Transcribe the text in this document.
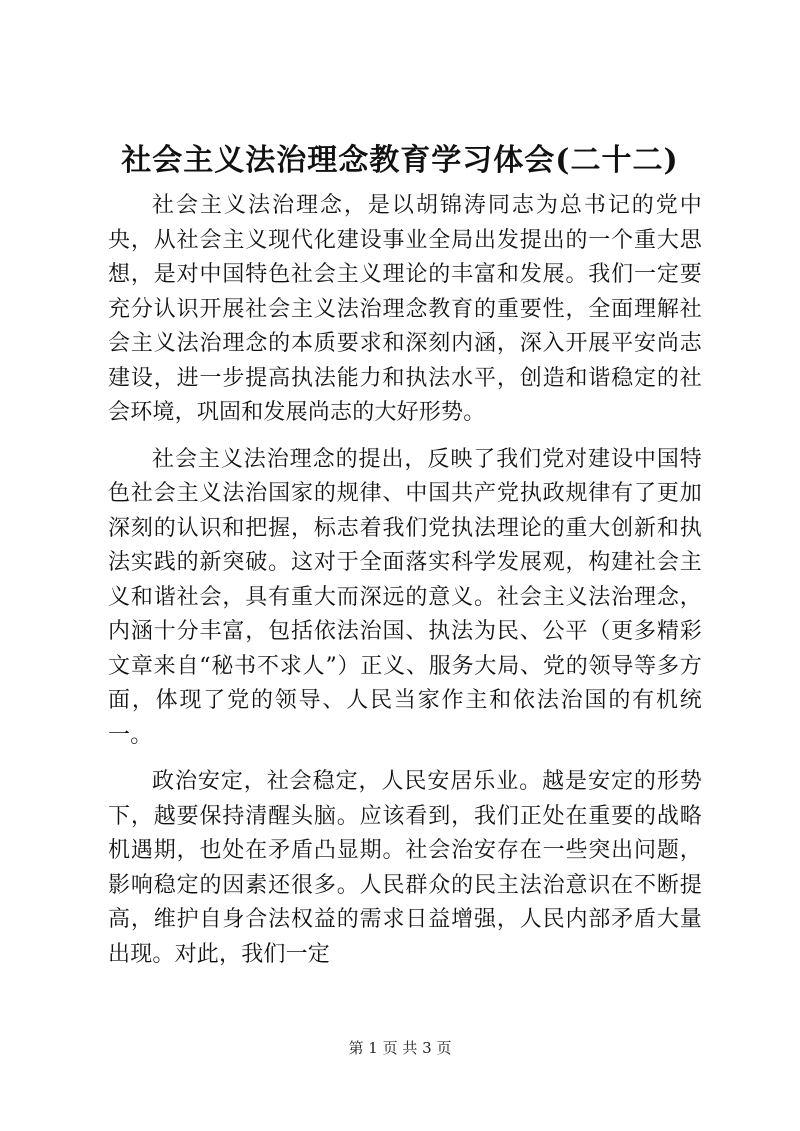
社会主义法治理念教育学习体会(二十二)

社会主义法治理念，是以胡锦涛同志为总书记的党中央，从社会主义现代化建设事业全局出发提出的一个重大思想，是对中国特色社会主义理论的丰富和发展。我们一定要充分认识开展社会主义法治理念教育的重要性，全面理解社会主义法治理念的本质要求和深刻内涵，深入开展平安尚志建设，进一步提高执法能力和执法水平，创造和谐稳定的社会环境，巩固和发展尚志的大好形势。

社会主义法治理念的提出，反映了我们党对建设中国特色社会主义法治国家的规律、中国共产党执政规律有了更加深刻的认识和把握，标志着我们党执法理论的重大创新和执法实践的新突破。这对于全面落实科学发展观，构建社会主义和谐社会，具有重大而深远的意义。社会主义法治理念，内涵十分丰富，包括依法治国、执法为民、公平（更多精彩文章来自“秘书不求人”）正义、服务大局、党的领导等多方面，体现了党的领导、人民当家作主和依法治国的有机统一。

政治安定，社会稳定，人民安居乐业。越是安定的形势下，越要保持清醒头脑。应该看到，我们正处在重要的战略机遇期，也处在矛盾凸显期。社会治安存在一些突出问题，影响稳定的因素还很多。人民群众的民主法治意识在不断提高，维护自身合法权益的需求日益增强，人民内部矛盾大量出现。对此，我们一定

第 1 页 共 3 页
